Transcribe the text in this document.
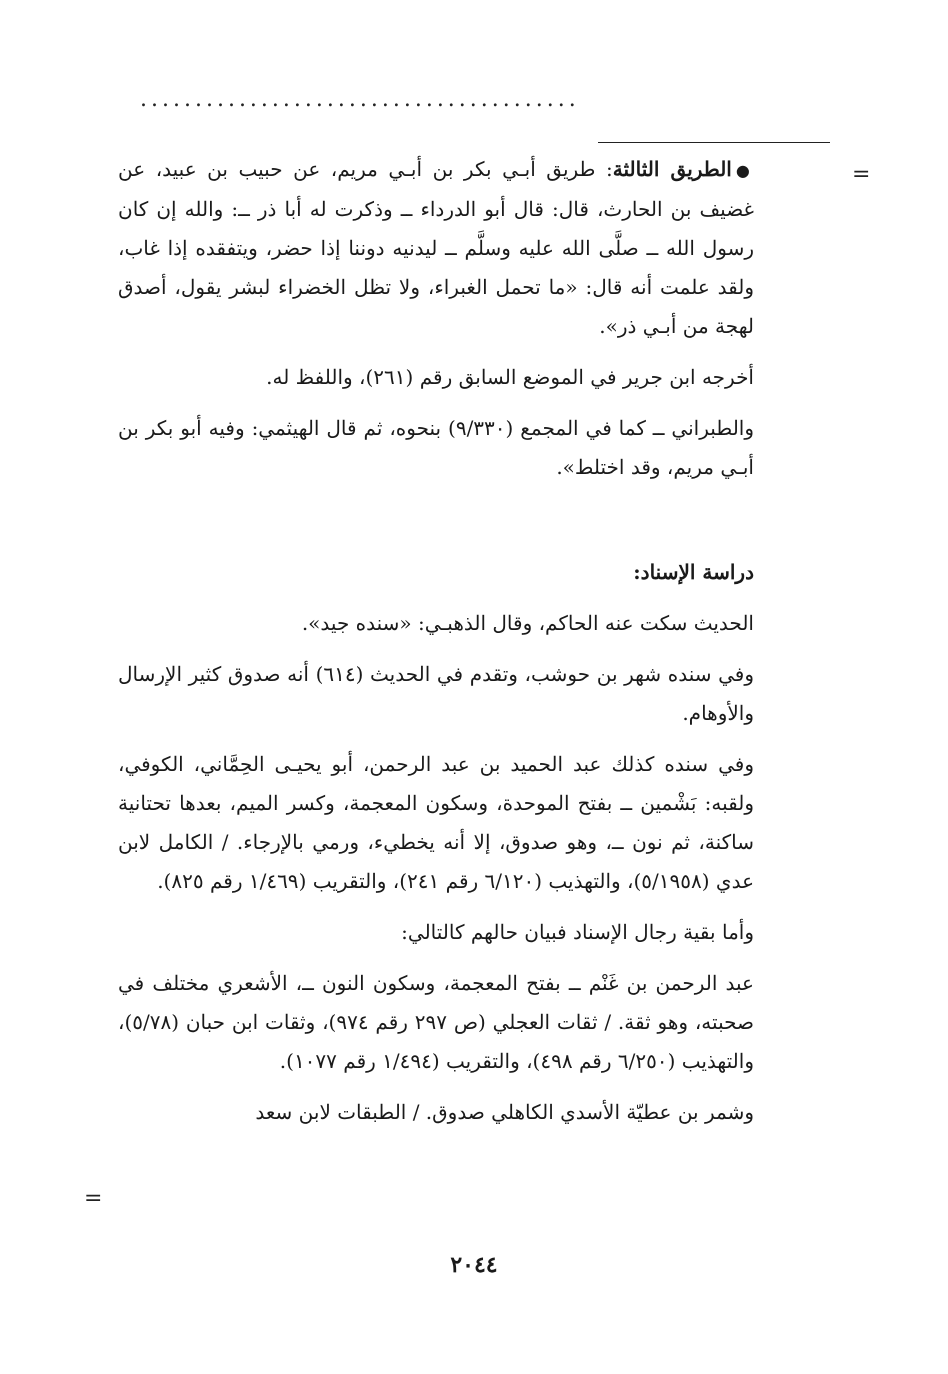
........................................
=

●الطريق الثالثة: طريق أبـي بكر بن أبـي مريم، عن حبيب بن عبيد، عن غضيف بن الحارث، قال: قال أبو الدرداء ــ وذكرت له أبا ذر ــ: والله إن كان رسول الله ــ صلَّى الله عليه وسلَّم ــ ليدنيه دوننا إذا حضر، ويتفقده إذا غاب، ولقد علمت أنه قال: «ما تحمل الغبراء، ولا تظل الخضراء لبشر يقول، أصدق لهجة من أبـي ذر».

أخرجه ابن جرير في الموضع السابق رقم (٢٦١)، واللفظ له.

والطبراني ــ كما في المجمع (٩/٣٣٠) بنحوه، ثم قال الهيثمي: وفيه أبو بكر بن أبـي مريم، وقد اختلط».

دراسة الإسناد:

الحديث سكت عنه الحاكم، وقال الذهبـي: «سنده جيد».

وفي سنده شهر بن حوشب، وتقدم في الحديث (٦١٤) أنه صدوق كثير الإرسال والأوهام.

وفي سنده كذلك عبد الحميد بن عبد الرحمن، أبو يحيـى الحِمَّاني، الكوفي، ولقبه: بَشْمين ــ بفتح الموحدة، وسكون المعجمة، وكسر الميم، بعدها تحتانية ساكنة، ثم نون ــ، وهو صدوق، إلا أنه يخطيء، ورمي بالإرجاء. / الكامل لابن عدي (٥/١٩٥٨)، والتهذيب (٦/١٢٠ رقم ٢٤١)، والتقريب (١/٤٦٩ رقم ٨٢٥).

وأما بقية رجال الإسناد فبيان حالهم كالتالي:

عبد الرحمن بن غَنْم ــ بفتح المعجمة، وسكون النون ــ، الأشعري مختلف في صحبته، وهو ثقة. / ثقات العجلي (ص ٢٩٧ رقم ٩٧٤)، وثقات ابن حبان (٥/٧٨)، والتهذيب (٦/٢٥٠ رقم ٤٩٨)، والتقريب (١/٤٩٤ رقم ١٠٧٧).

وشمر بن عطيّة الأسدي الكاهلي صدوق. / الطبقات لابن سعد

=
٢٠٤٤
